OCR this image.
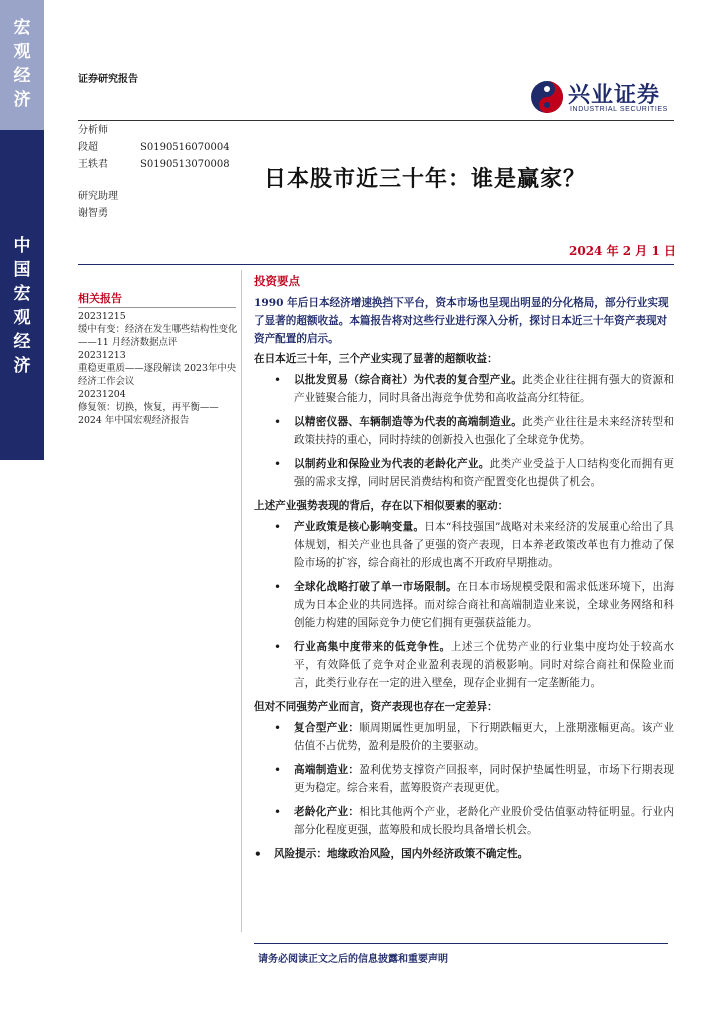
宏
观
经
济
中
国
宏
观
经
济
证券研究报告
兴业证券
INDUSTRIAL SECURITIES
分析师
段超	S0190516070004
王轶君	S0190513070008
研究助理
谢智勇
日本股市近三十年：谁是赢家？
2024 年 2 月 1 日
相关报告
20231215
缓中有变：经济在发生哪些结构性变化——11 月经济数据点评
20231213
重稳更重质——逐段解读 2023年中央经济工作会议
20231204
修复领：切换，恢复，再平衡——2024 年中国宏观经济报告
投资要点

1990 年后日本经济增速换挡下平台，资本市场也呈现出明显的分化格局，部分行业实现了显著的超额收益。本篇报告将对这些行业进行深入分析，探讨日本近三十年资产表现对资产配置的启示。

在日本近三十年，三个产业实现了显著的超额收益：

• 以批发贸易（综合商社）为代表的复合型产业。此类企业往往拥有强大的资源和产业链聚合能力，同时具备出海竞争优势和高收益高分红特征。
• 以精密仪器、车辆制造等为代表的高端制造业。此类产业往往是未来经济转型和政策扶持的重心，同时持续的创新投入也强化了全球竞争优势。
• 以制药业和保险业为代表的老龄化产业。此类产业受益于人口结构变化而拥有更强的需求支撑，同时居民消费结构和资产配置变化也提供了机会。

上述产业强势表现的背后，存在以下相似要素的驱动：

• 产业政策是核心影响变量。日本“科技强国”战略对未来经济的发展重心给出了具体规划，相关产业也具备了更强的资产表现，日本养老政策改革也有力推动了保险市场的扩容，综合商社的形成也离不开政府早期推动。
• 全球化战略打破了单一市场限制。在日本市场规模受限和需求低迷环境下，出海成为日本企业的共同选择。而对综合商社和高端制造业来说，全球业务网络和科创能力构建的国际竞争力使它们拥有更强获益能力。
• 行业高集中度带来的低竞争性。上述三个优势产业的行业集中度均处于较高水平，有效降低了竞争对企业盈利表现的消极影响。同时对综合商社和保险业而言，此类行业存在一定的进入壁垒，现存企业拥有一定垄断能力。

但对不同强势产业而言，资产表现也存在一定差异：

• 复合型产业：顺周期属性更加明显，下行期跌幅更大，上涨期涨幅更高。该产业估值不占优势，盈利是股价的主要驱动。
• 高端制造业：盈利优势支撑资产回报率，同时保护垫属性明显，市场下行期表现更为稳定。综合来看，蓝筹股资产表现更优。
• 老龄化产业：相比其他两个产业，老龄化产业股价受估值驱动特征明显。行业内部分化程度更强，蓝筹股和成长股均具备增长机会。
• 风险提示：地缘政治风险，国内外经济政策不确定性。
请务必阅读正文之后的信息披露和重要声明
